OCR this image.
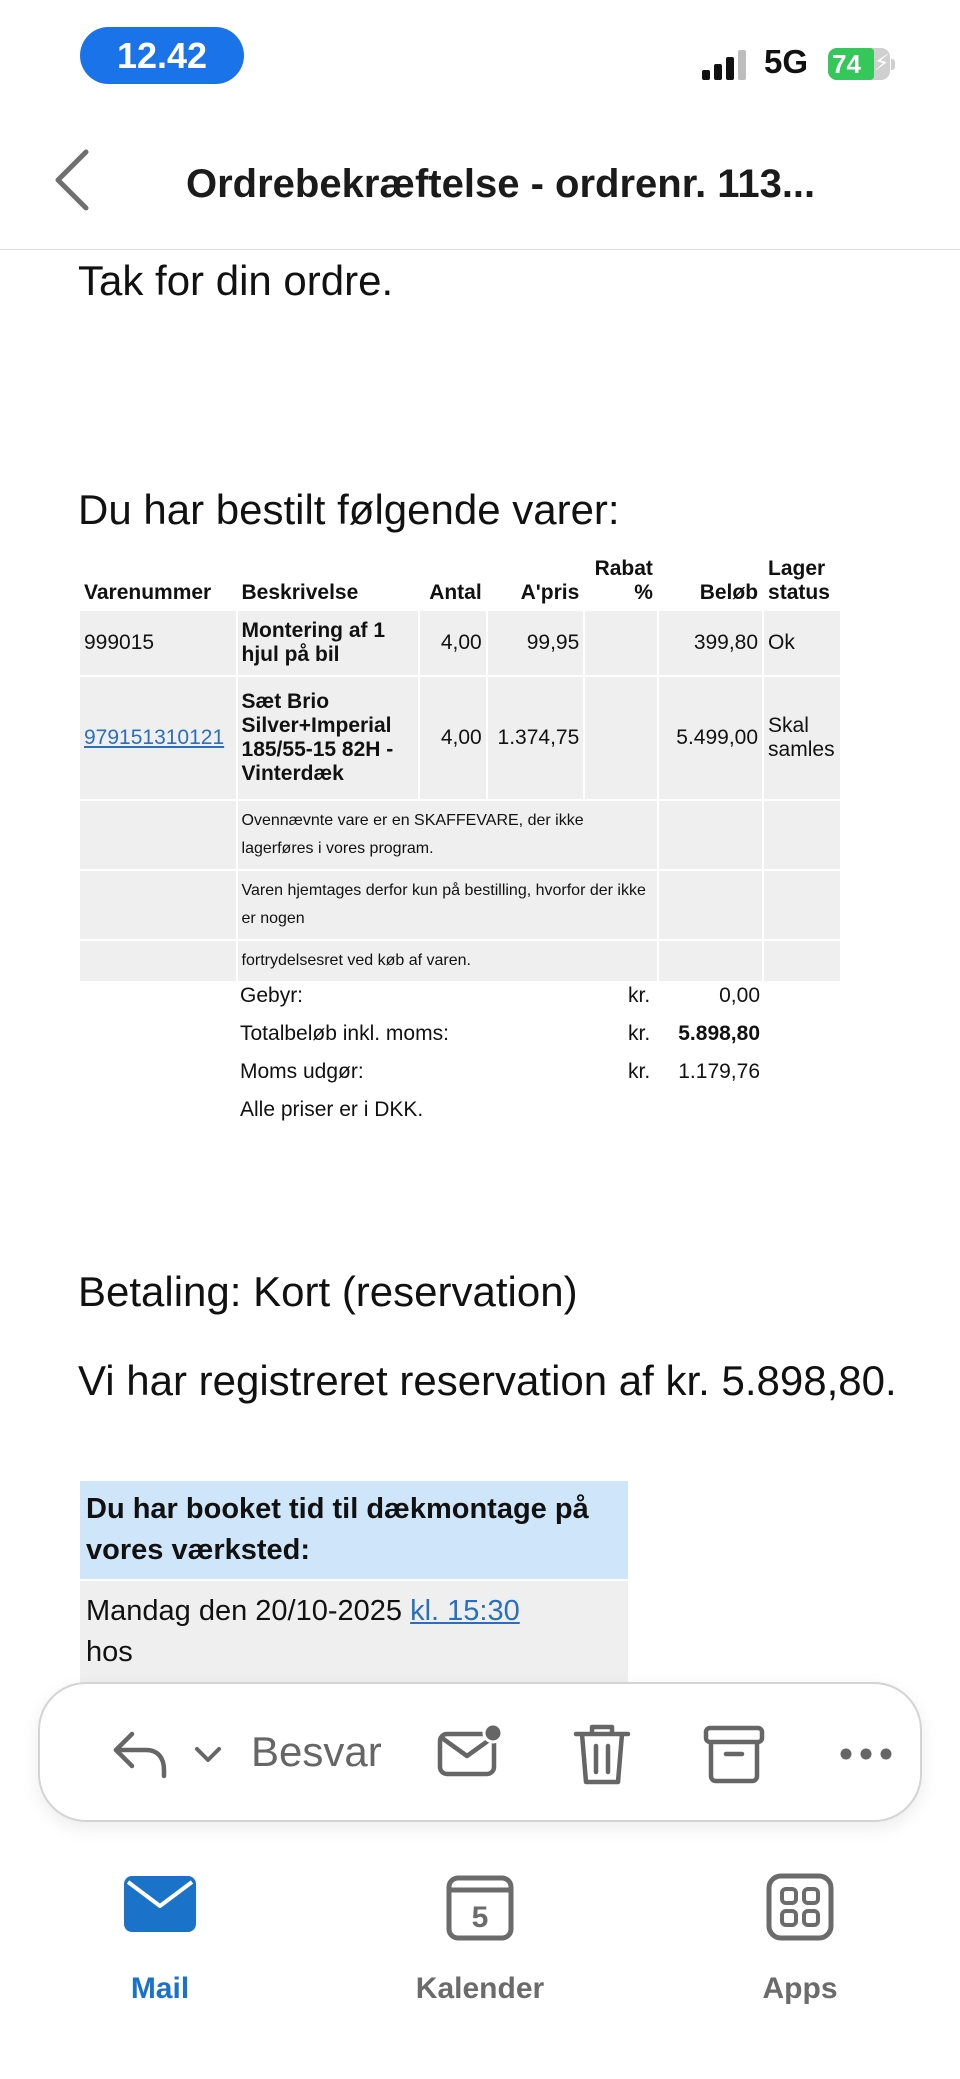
12.42	5G 74 ⚡
Ordrebekræftelse - ordrenr. 113...
Tak for din ordre.
Du har bestilt følgende varer:
Varenummer	Beskrivelse	Antal	A'pris	Rabat %	Beløb	Lager status
999015	Montering af 1 hjul på bil	4,00	99,95		399,80	Ok
979151310121	Sæt Brio Silver+Imperial 185/55-15 82H - Vinterdæk	4,00	1.374,75		5.499,00	Skal samles
	Ovennævnte vare er en SKAFFEVARE, der ikke lagerføres i vores program.					
	Varen hjemtages derfor kun på bestilling, hvorfor der ikke er nogen					
	fortrydelsesret ved køb af varen.					
Gebyr:	kr.	0,00
Totalbeløb inkl. moms:	kr. 5.898,80
Moms udgør:	kr. 1.179,76
Alle priser er i DKK.
Betaling: Kort (reservation)
Vi har registreret reservation af kr. 5.898,80.
Du har booket tid til dækmontage på vores værksted:
Mandag den 20/10-2025 kl. 15:30
hos
Besvar
Mail
5
Kalender	Apps
